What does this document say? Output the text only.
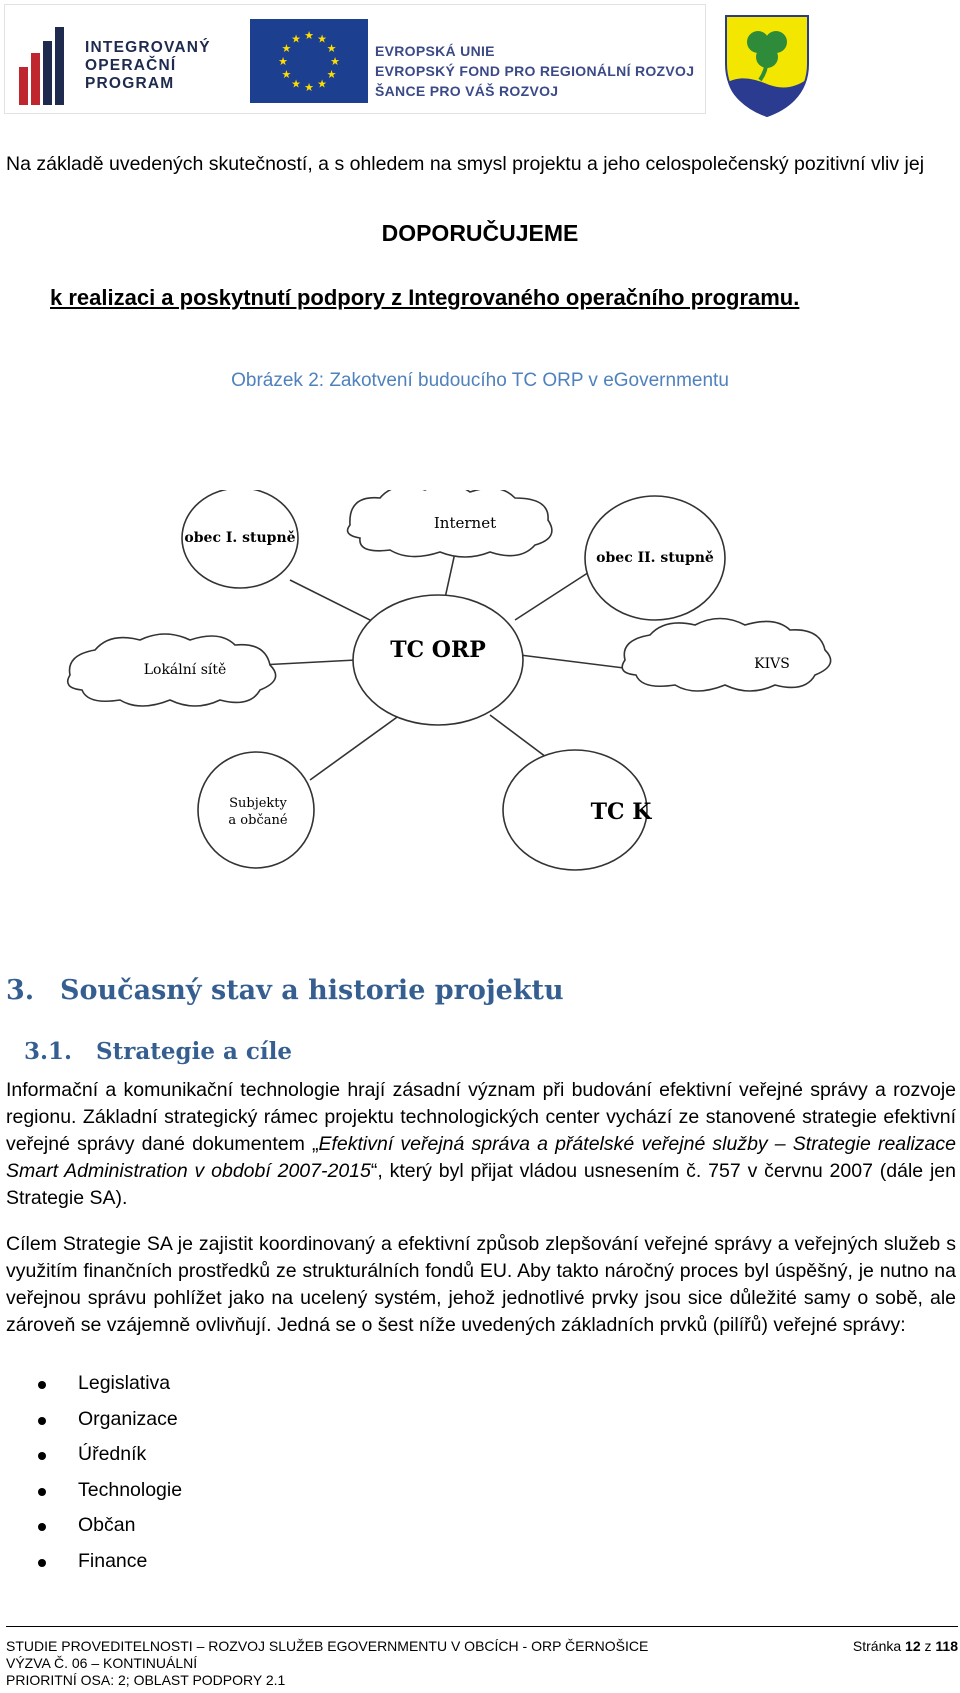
INTEGROVANÝ
OPERAČNÍ
PROGRAM
★ ★
★
★
★
★
★
★
★
★
★
★
EVROPSKÁ UNIE
EVROPSKÝ FOND PRO REGIONÁLNÍ ROZVOJ
ŠANCE PRO VÁŠ ROZVOJ

Na základě uvedených skutečností, a s ohledem na smysl projektu a jeho celospolečenský pozitivní vliv jej

DOPORUČUJEME
k realizaci a poskytnutí podpory z Integrovaného operačního programu.
Obrázek 2: Zakotvení budoucího TC ORP v eGovernmentu
Internet
obec I. stupně
obec II. stupně
TC ORP
Lokální sítě	KIVS
Subjekty
a občané	TC K
3. Současný stav a historie projektu
3.1. Strategie a cíle

Informační a komunikační technologie hrají zásadní význam při budování efektivní veřejné správy a rozvoje regionu. Základní strategický rámec projektu technologických center vychází ze stanovené strategie efektivní veřejné správy dané dokumentem „Efektivní veřejná správa a přátelské veřejné služby – Strategie realizace Smart Administration v období 2007-2015“, který byl přijat vládou usnesením č. 757 v červnu 2007 (dále jen Strategie SA).

Cílem Strategie SA je zajistit koordinovaný a efektivní způsob zlepšování veřejné správy a veřejných služeb s využitím finančních prostředků ze strukturálních fondů EU. Aby takto náročný proces byl úspěšný, je nutno na veřejnou správu pohlížet jako na ucelený systém, jehož jednotlivé prvky jsou sice důležité samy o sobě, ale zároveň se vzájemně ovlivňují. Jedná se o šest níže uvedených základních prvků (pilířů) veřejné správy:

Legislativa
Organizace
Úředník
Technologie
Občan
Finance
STUDIE PROVEDITELNOSTI – ROZVOJ SLUŽEB EGOVERNMENTU V OBCÍCH - ORP ČERNOŠICE
VÝZVA Č. 06 – KONTINUÁLNÍ
PRIORITNÍ OSA: 2; OBLAST PODPORY 2.1
Stránka 12 z 118
